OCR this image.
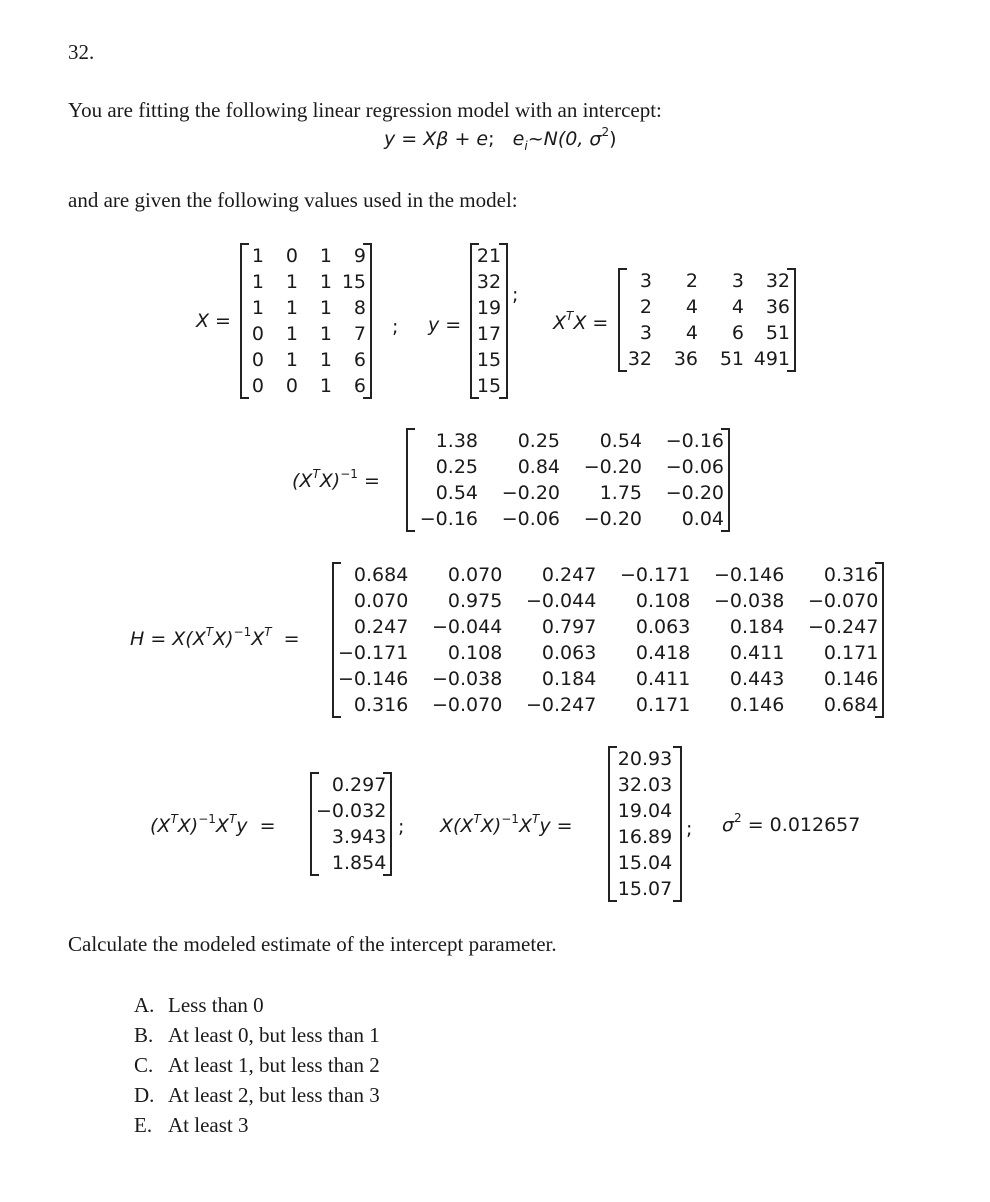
32.
You are fitting the following linear regression model with an intercept:
y = Xβ + e;   $e_i\sim N(0$, $\sigma^2$)
and are given the following values used in the model:
X =
1	0	1	9
1	1	1	15
1	1	1	8
0	1	1	7
0	1	1	6
0	0	1	6
; y =
21
32
19
17
15
15
;
$X^TX$ =
3	2	3	32
2	4	4	36
3	4	6	51
32	36	51	491
$(X^TX)^{-1}$ =
1.38	0.25	0.54	−0.16
0.25	0.84	−0.20	−0.06
0.54	−0.20	1.75	−0.20
−0.16	−0.06	−0.20	0.04
$H = X(X^TX)^{-1}X^T$  =
0.684	0.070	0.247	−0.171	−0.146	0.316
0.070	0.975	−0.044	0.108	−0.038	−0.070
0.247	−0.044	0.797	0.063	0.184	−0.247
−0.171	0.108	0.063	0.418	0.411	0.171
−0.146	−0.038	0.184	0.411	0.443	0.146
0.316	−0.070	−0.247	0.171	0.146	0.684
$(X^TX)^{-1}X^Ty$  =
0.297
−0.032
3.943
1.854
; $X(X^TX)^{-1}X^Ty$ =
20.93
32.03
19.04
16.89
15.04
15.07
; $\sigma^2 = 0.012657$
Calculate the modeled estimate of the intercept parameter.
A. Less than 0
B. At least 0, but less than 1
C. At least 1, but less than 2
D. At least 2, but less than 3
E. At least 3
